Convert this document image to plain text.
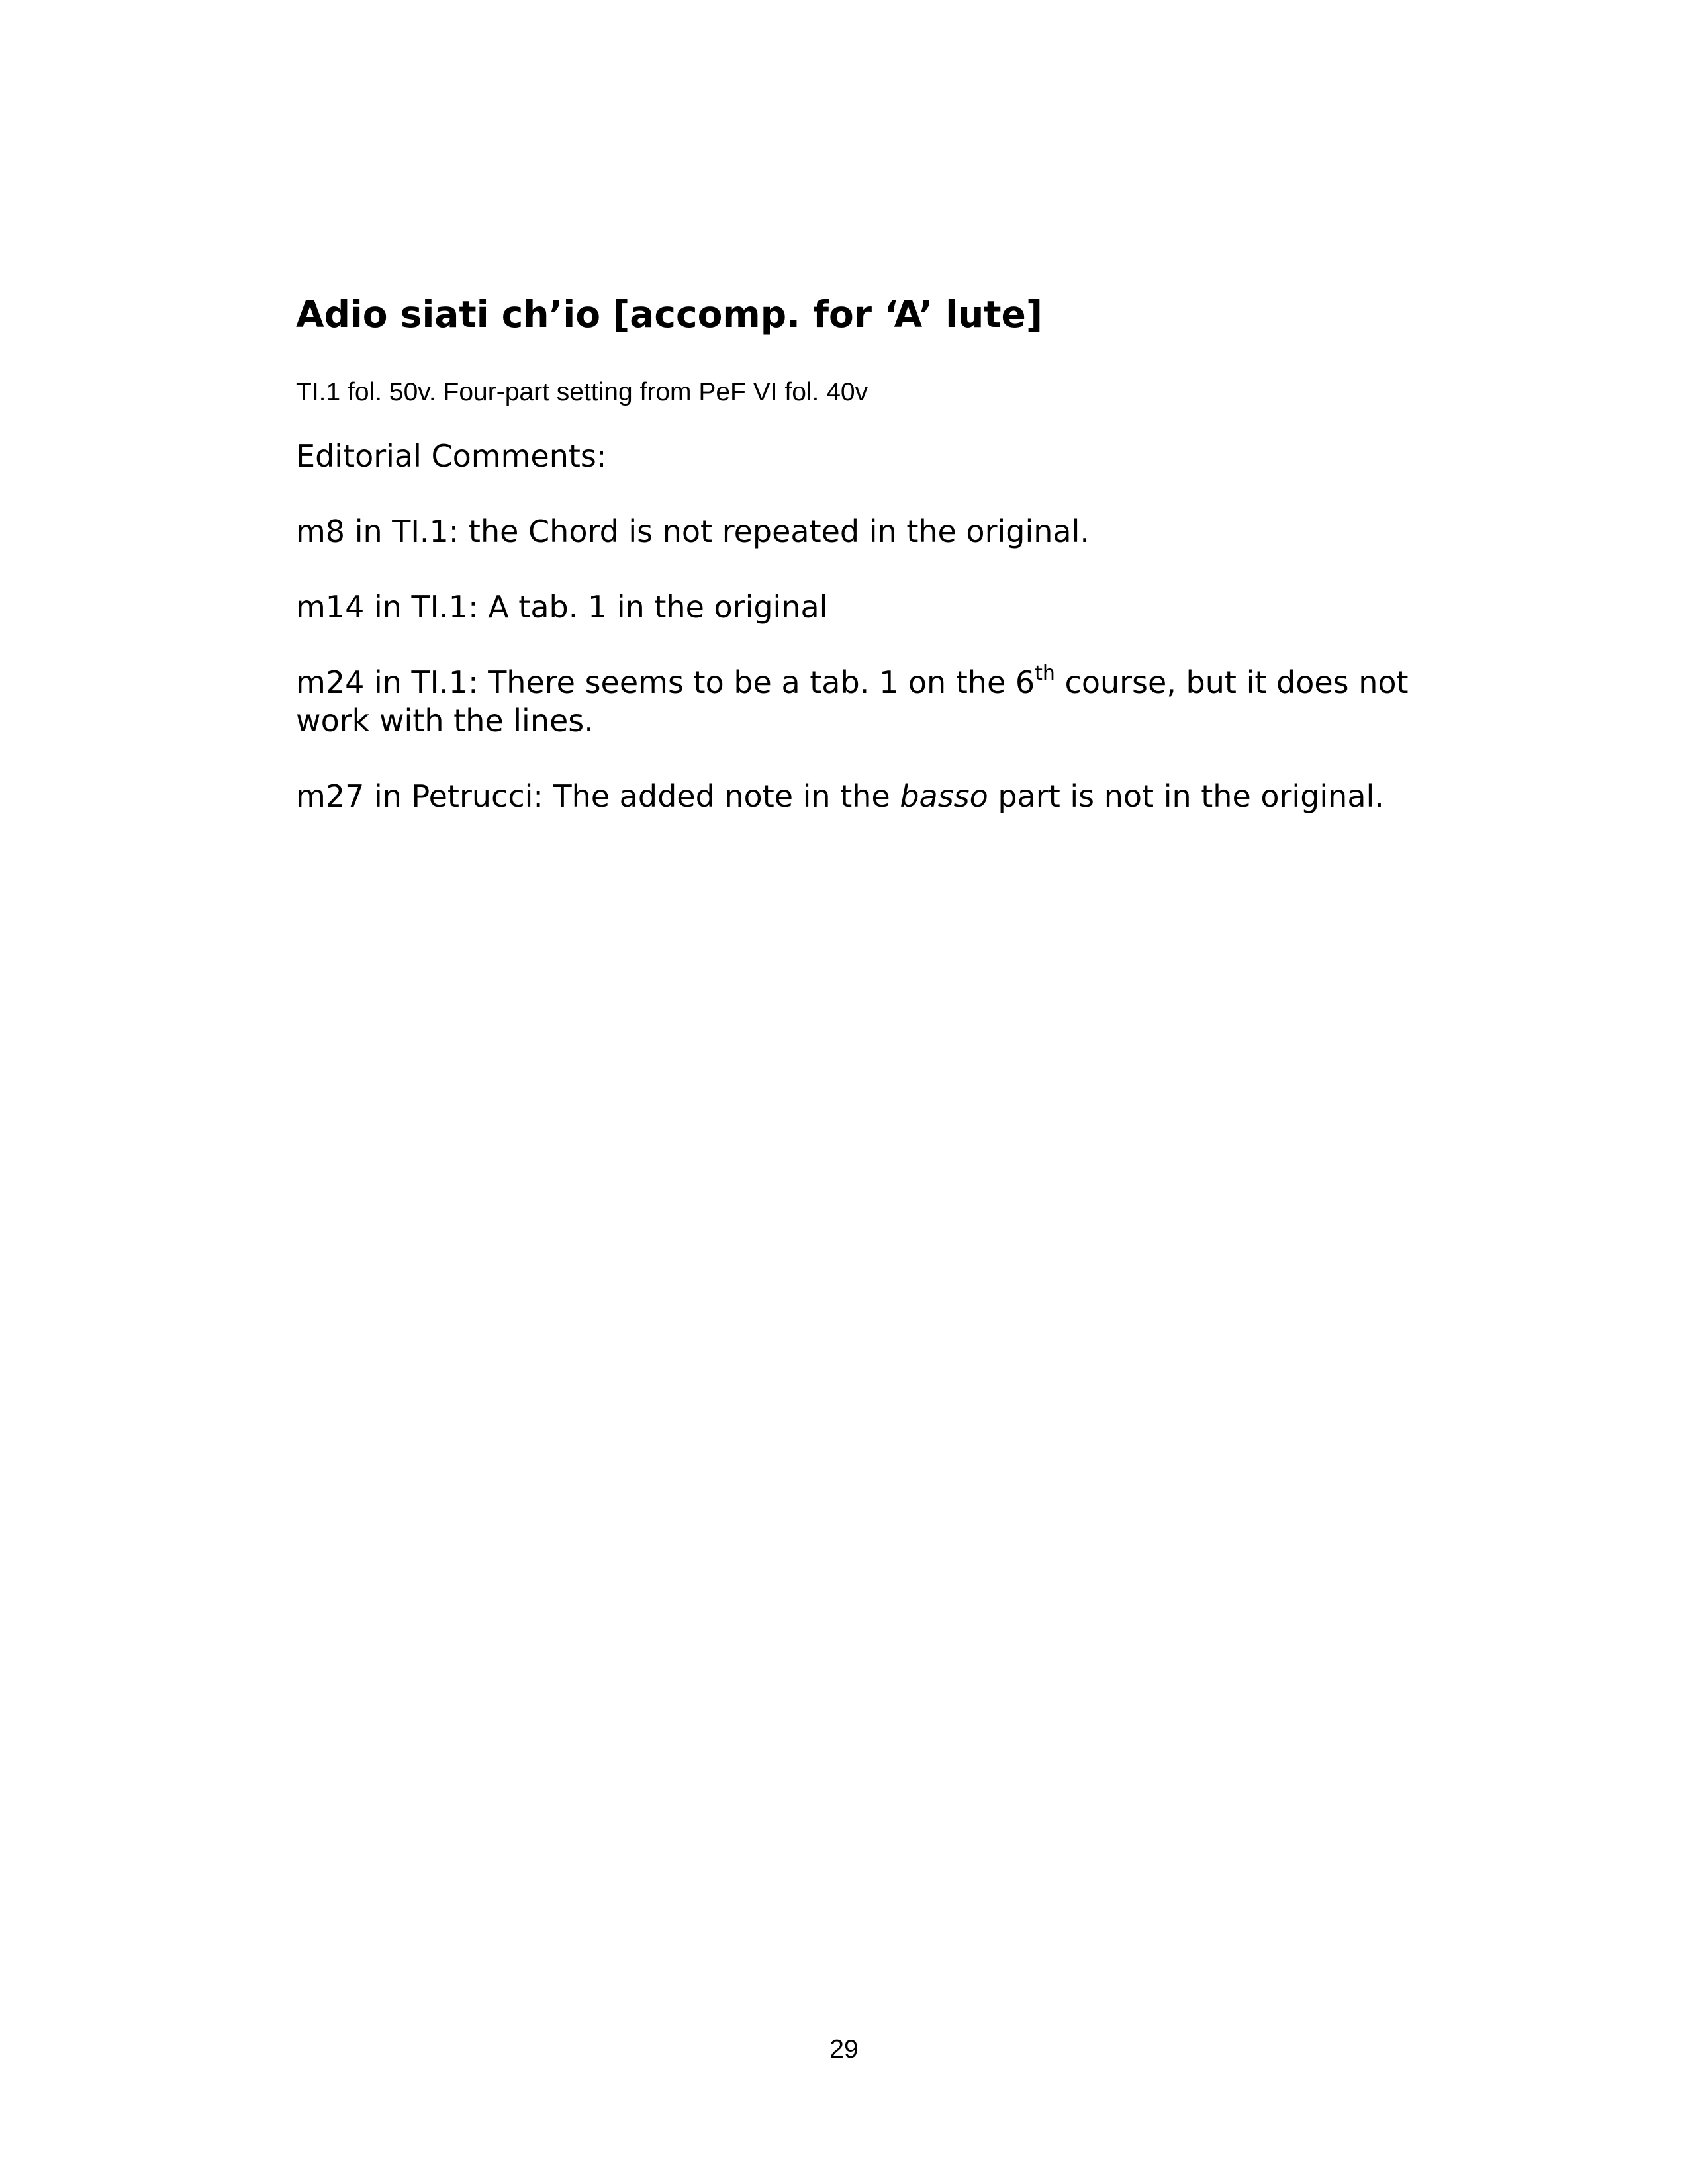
Adio siati ch’io [accomp. for ‘A’ lute]

TI.1 fol. 50v. Four-part setting from PeF VI fol. 40v

Editorial Comments:

m8 in TI.1: the Chord is not repeated in the original.

m14 in TI.1: A tab. 1 in the original

m24 in TI.1: There seems to be a tab. 1 on the 6th course, but it does not work with the lines.

m27 in Petrucci: The added note in the basso part is not in the original.

29
